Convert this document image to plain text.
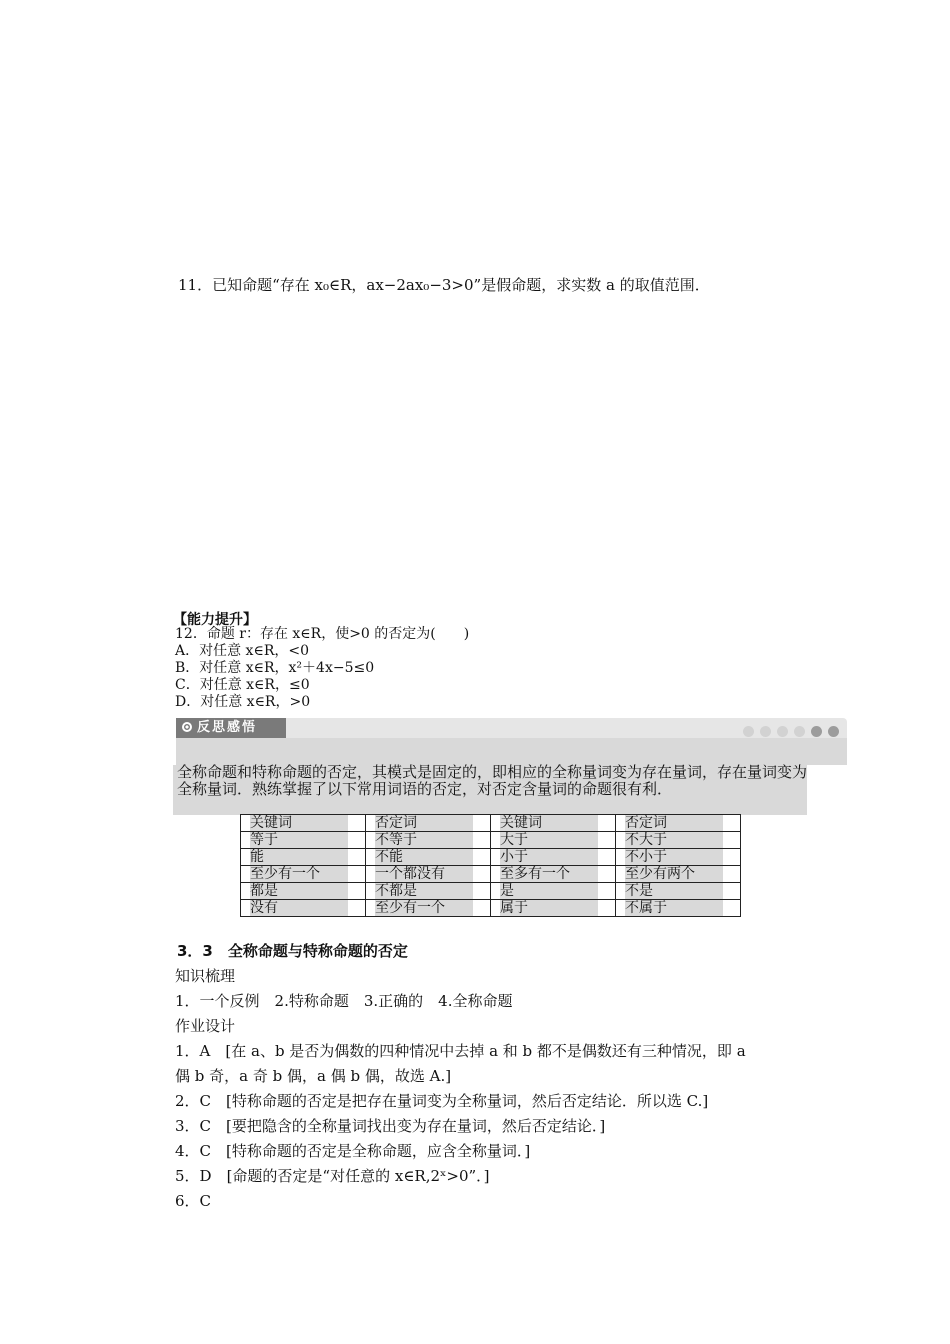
11．已知命题“存在 x₀∈R，ax−2ax₀−3>0”是假命题，求实数 a 的取值范围．
【能力提升】
12．命题 r：存在 x∈R，使>0 的否定为(　　)
A．对任意 x∈R，<0
B．对任意 x∈R，x²＋4x−5≤0
C．对任意 x∈R，≤0
D．对任意 x∈R，>0
反思感悟
全称命题和特称命题的否定，其模式是固定的，即相应的全称量词变为存在量词，存在量词变为全称量词．熟练掌握了以下常用词语的否定，对否定含量词的命题很有利．
关键词	否定词	关键词	否定词
等于	不等于	大于	不大于
能	不能	小于	不小于
至少有一个	一个都没有	至多有一个	至少有两个
都是	不都是	是	不是
没有	至少有一个	属于	不属于
3．3　全称命题与特称命题的否定
知识梳理
1．一个反例　2.特称命题　3.正确的　4.全称命题
作业设计
1．A　[在 a、b 是否为偶数的四种情况中去掉 a 和 b 都不是偶数还有三种情况，即 a
偶 b 奇，a 奇 b 偶，a 偶 b 偶，故选 A.]
2．C　[特称命题的否定是把存在量词变为全称量词，然后否定结论．所以选 C.]
3．C　[要把隐含的全称量词找出变为存在量词，然后否定结论．]
4．C　[特称命题的否定是全称命题，应含全称量词．]
5．D　[命题的否定是“对任意的 x∈R,2ˣ>0”．]
6．C
